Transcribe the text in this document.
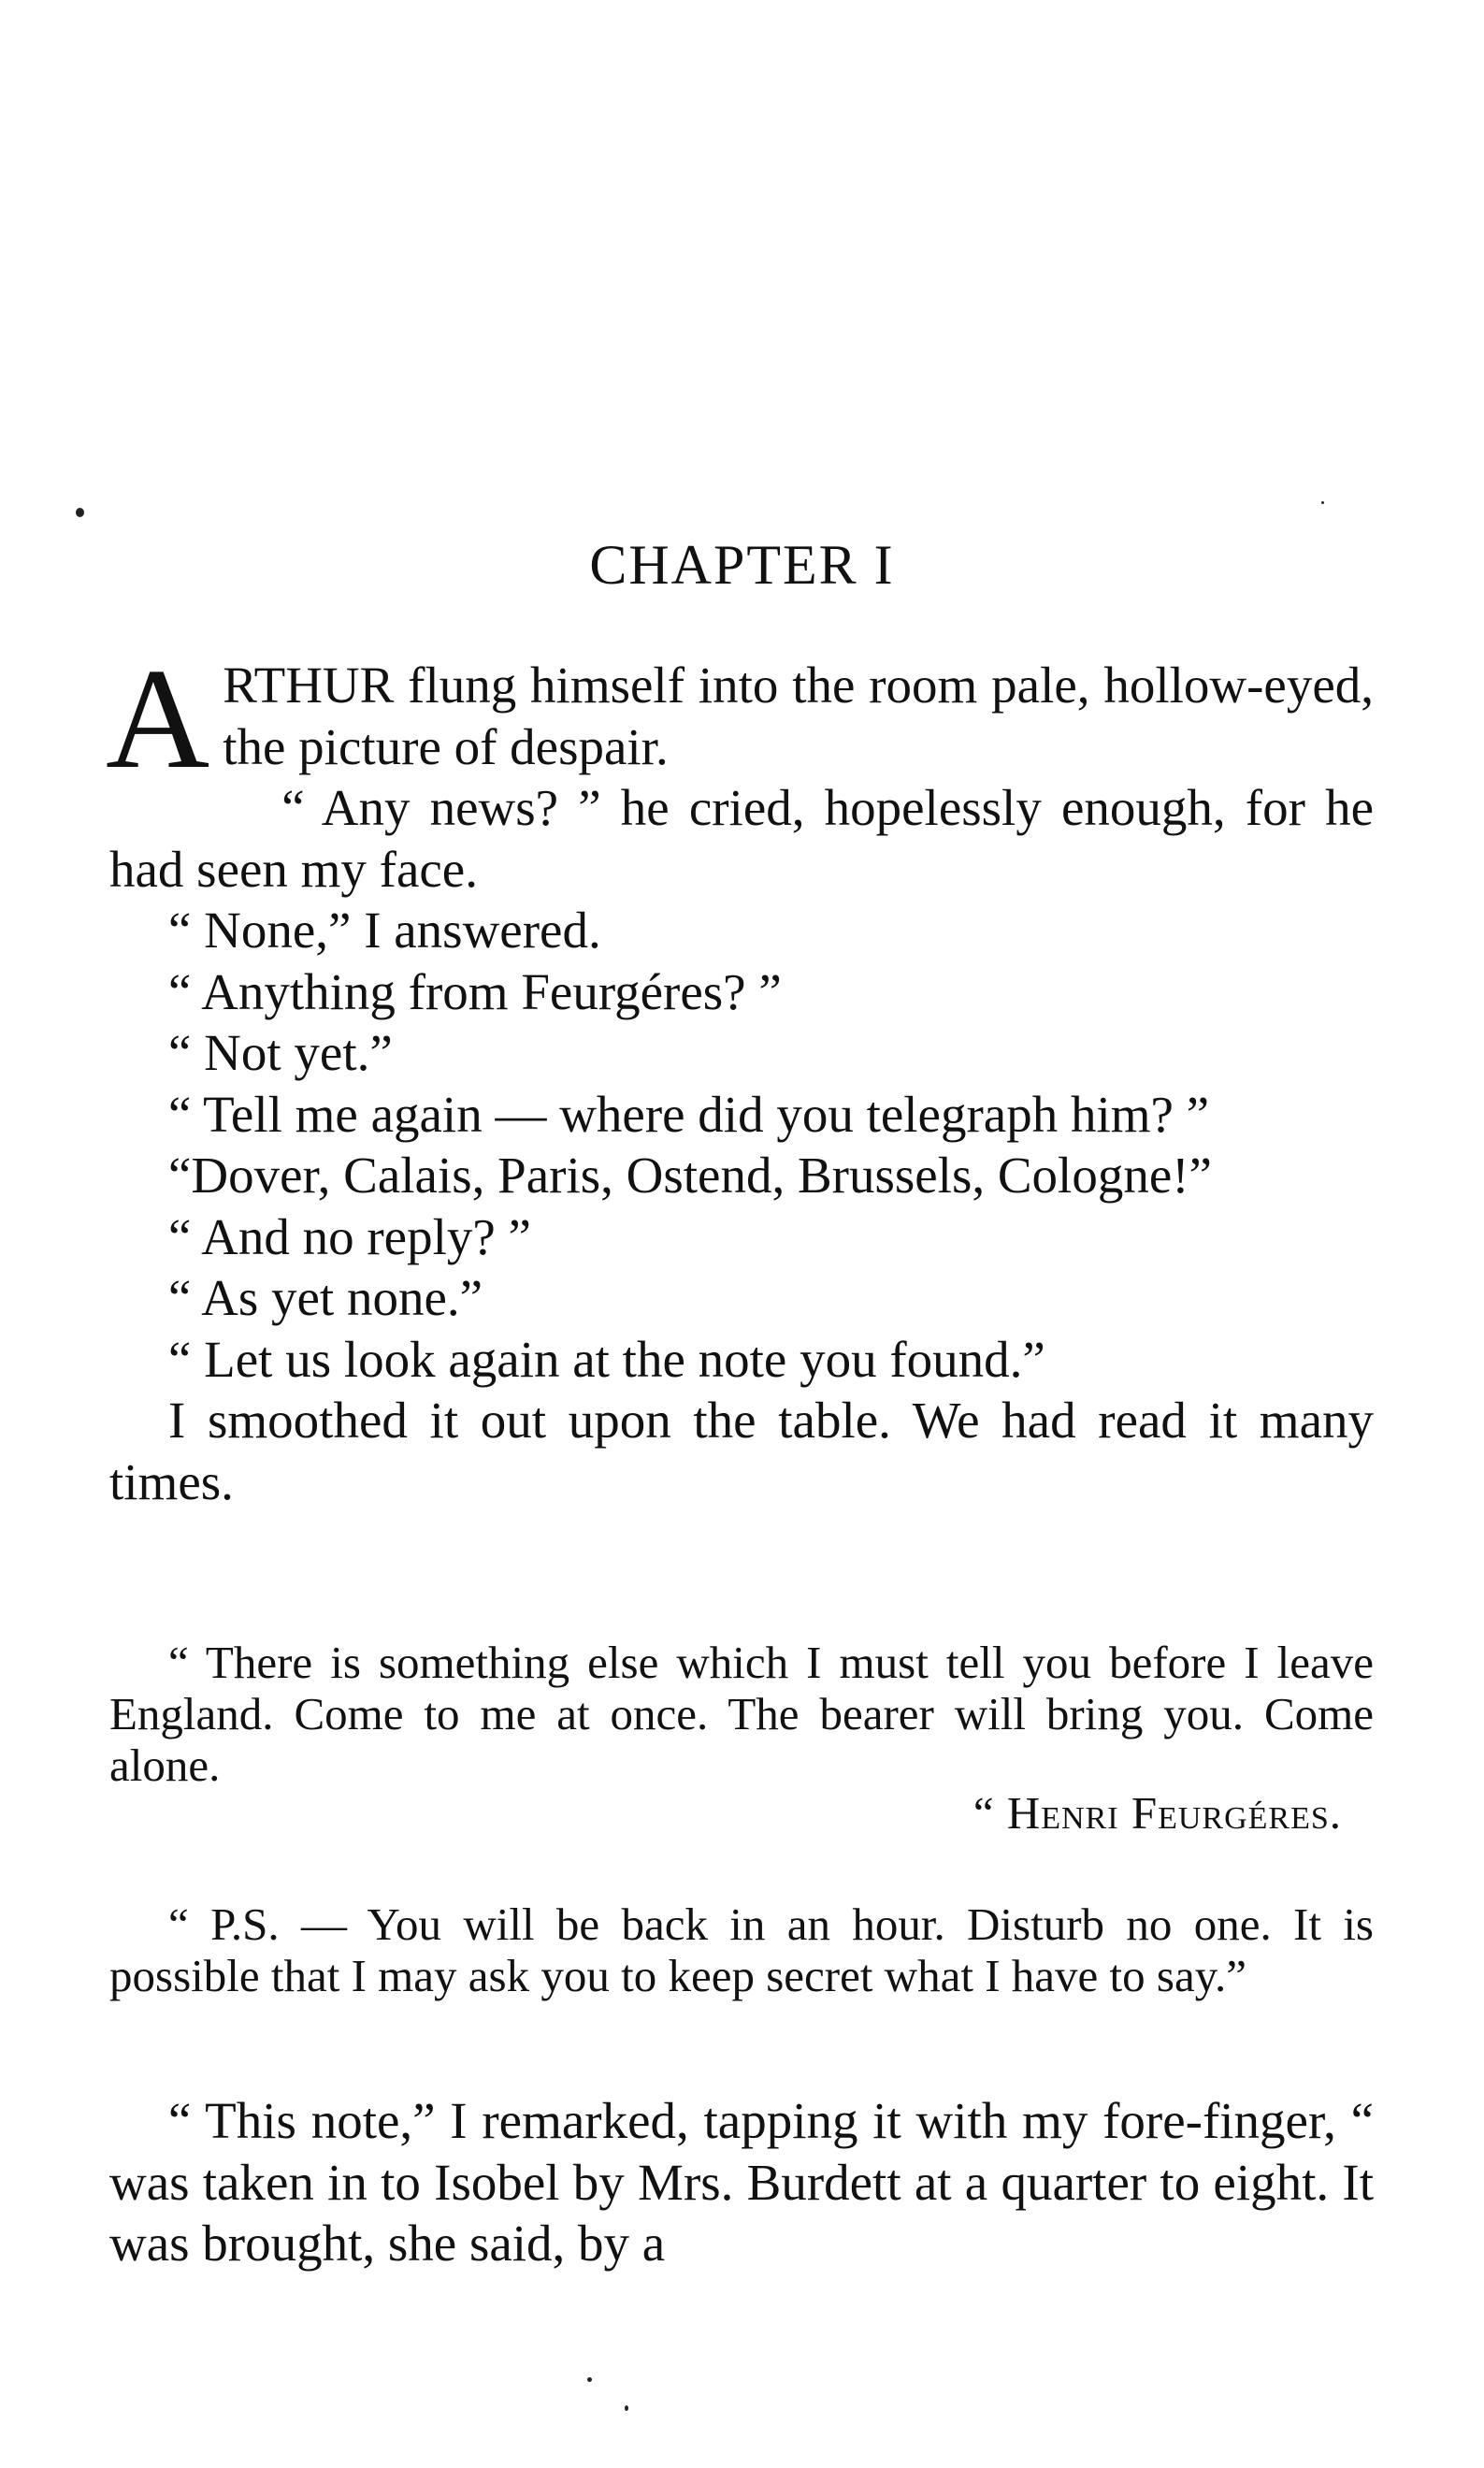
CHAPTER I
A RTHUR flung himself into the room pale, hollow-eyed, the picture of despair.

“ Any news? ” he cried, hopelessly enough, for he had seen my face.

“ None,” I answered.

“ Anything from Feurgéres? ”

“ Not yet.”

“ Tell me again — where did you telegraph him? ”

“Dover, Calais, Paris, Ostend, Brussels, Cologne!”

“ And no reply? ”

“ As yet none.”

“ Let us look again at the note you found.”

I smoothed it out upon the table. We had read it many times.

“ There is something else which I must tell you before I leave England. Come to me at once. The bearer will bring you. Come alone.

“ Henri Feurgéres.

“ P.S. — You will be back in an hour. Disturb no one. It is possible that I may ask you to keep secret what I have to say.”

“ This note,” I remarked, tapping it with my fore-finger, “ was taken in to Isobel by Mrs. Burdett at a quarter to eight. It was brought, she said, by a
